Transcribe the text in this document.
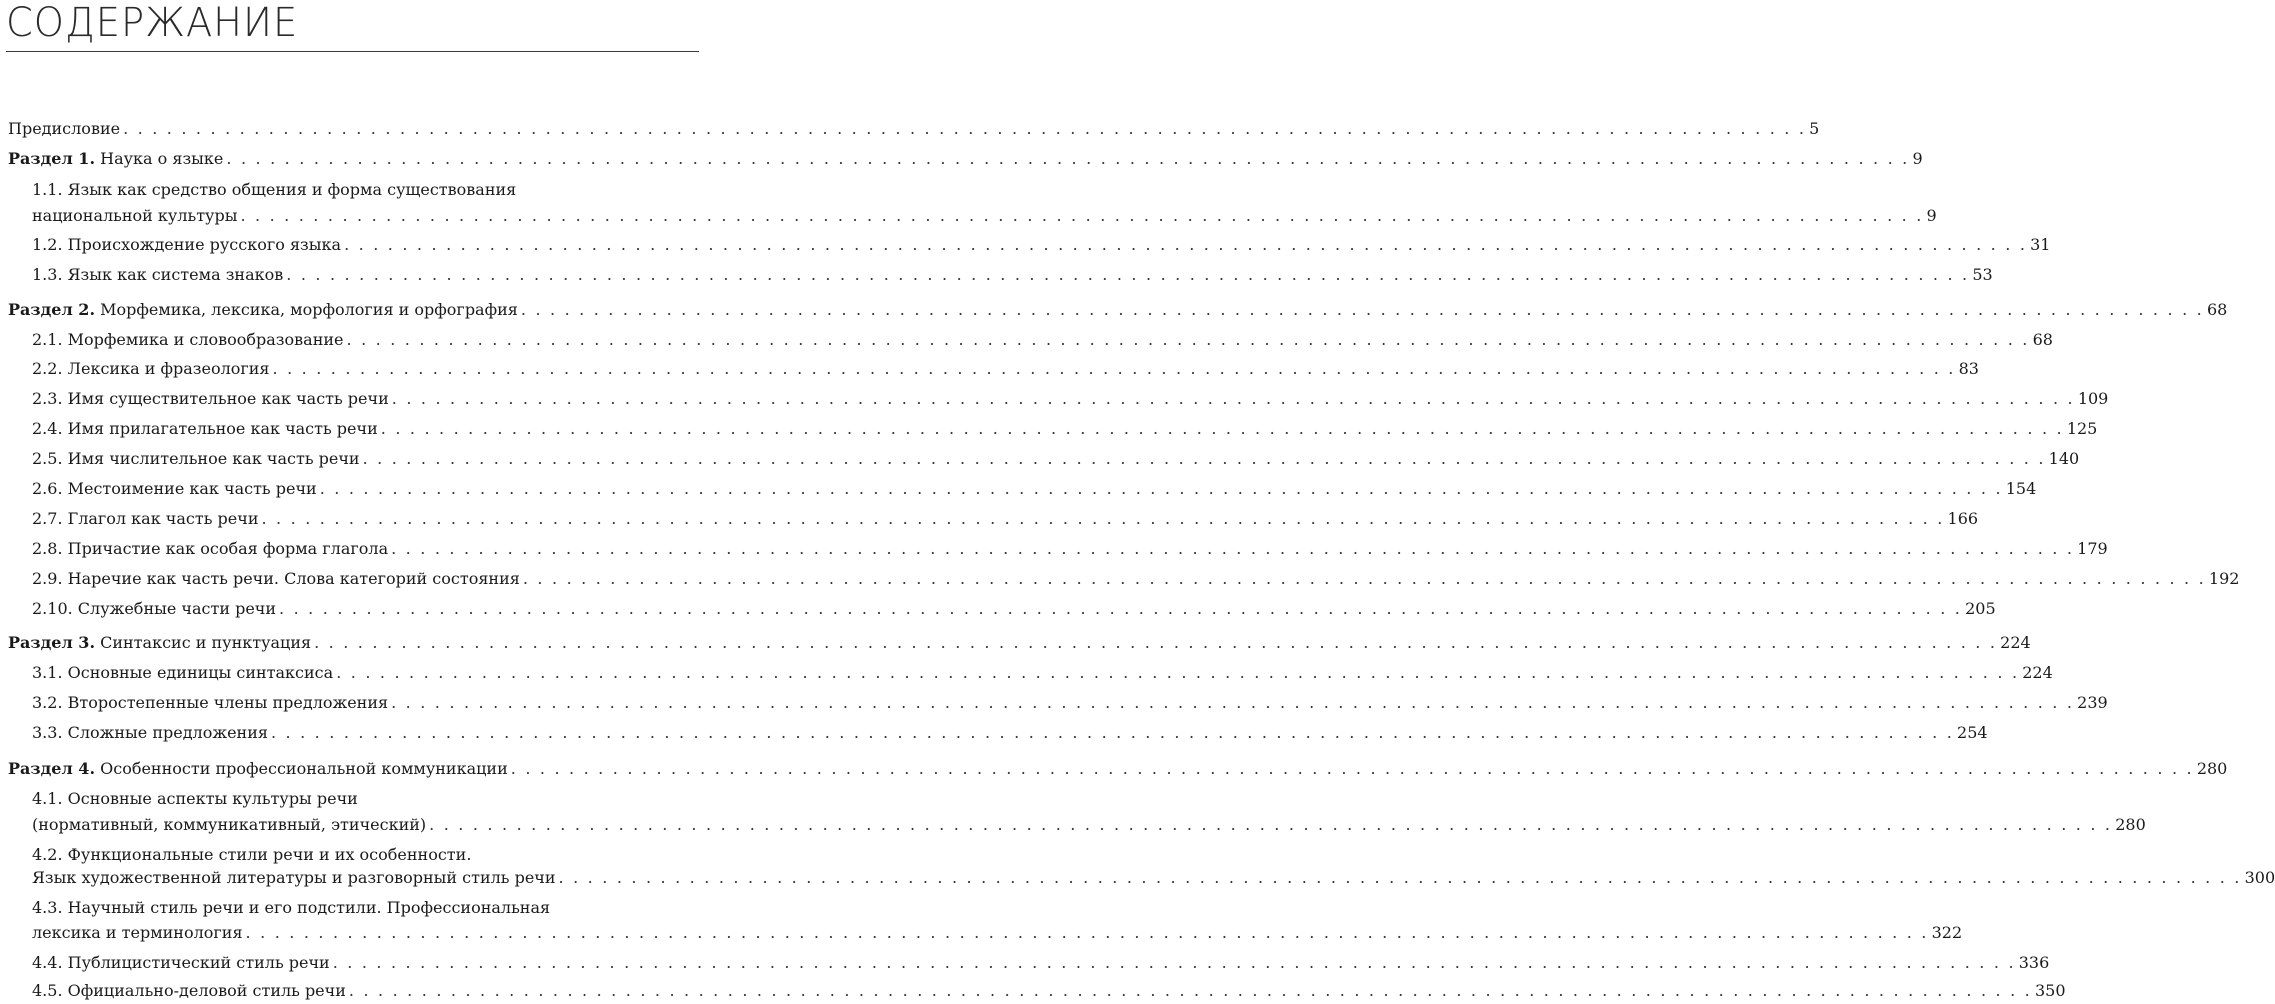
СОДЕРЖАНИЕ
Предисловие . . . . . . . . . . . . . . . . . . . . . . . . . . . . . . . . . . . . . . . . . . . . . . . . . . . . . . . . . . . . . . . . . . . . . . . . . . . . . . . . . . . . . . . . . . . . . . . . . . . . . . . . . . . . . . . . . . . . 5
Раздел 1. Наука о языке . . . . . . . . . . . . . . . . . . . . . . . . . . . . . . . . . . . . . . . . . . . . . . . . . . . . . . . . . . . . . . . . . . . . . . . . . . . . . . . . . . . . . . . . . . . . . . . . . . . . . . . . . . . . . . . . . . . . 9
1.1. Язык как средство общения и форма существования
национальной культуры . . . . . . . . . . . . . . . . . . . . . . . . . . . . . . . . . . . . . . . . . . . . . . . . . . . . . . . . . . . . . . . . . . . . . . . . . . . . . . . . . . . . . . . . . . . . . . . . . . . . . . . . . . . . . . . . . . . . 9
1.2. Происхождение русского языка . . . . . . . . . . . . . . . . . . . . . . . . . . . . . . . . . . . . . . . . . . . . . . . . . . . . . . . . . . . . . . . . . . . . . . . . . . . . . . . . . . . . . . . . . . . . . . . . . . . . . . . . . . . . . . . . . . . . 31
1.3. Язык как система знаков . . . . . . . . . . . . . . . . . . . . . . . . . . . . . . . . . . . . . . . . . . . . . . . . . . . . . . . . . . . . . . . . . . . . . . . . . . . . . . . . . . . . . . . . . . . . . . . . . . . . . . . . . . . . . . . . . . . . 53
Раздел 2. Морфемика, лексика, морфология и орфография . . . . . . . . . . . . . . . . . . . . . . . . . . . . . . . . . . . . . . . . . . . . . . . . . . . . . . . . . . . . . . . . . . . . . . . . . . . . . . . . . . . . . . . . . . . . . . . . . . . . . . . . . . . . . . . . . . . . 68
2.1. Морфемика и словообразование . . . . . . . . . . . . . . . . . . . . . . . . . . . . . . . . . . . . . . . . . . . . . . . . . . . . . . . . . . . . . . . . . . . . . . . . . . . . . . . . . . . . . . . . . . . . . . . . . . . . . . . . . . . . . . . . . . . . 68
2.2. Лексика и фразеология . . . . . . . . . . . . . . . . . . . . . . . . . . . . . . . . . . . . . . . . . . . . . . . . . . . . . . . . . . . . . . . . . . . . . . . . . . . . . . . . . . . . . . . . . . . . . . . . . . . . . . . . . . . . . . . . . . . . 83
2.3. Имя существительное как часть речи . . . . . . . . . . . . . . . . . . . . . . . . . . . . . . . . . . . . . . . . . . . . . . . . . . . . . . . . . . . . . . . . . . . . . . . . . . . . . . . . . . . . . . . . . . . . . . . . . . . . . . . . . . . . . . . . . . . . 109
2.4. Имя прилагательное как часть речи . . . . . . . . . . . . . . . . . . . . . . . . . . . . . . . . . . . . . . . . . . . . . . . . . . . . . . . . . . . . . . . . . . . . . . . . . . . . . . . . . . . . . . . . . . . . . . . . . . . . . . . . . . . . . . . . . . . . 125
2.5. Имя числительное как часть речи . . . . . . . . . . . . . . . . . . . . . . . . . . . . . . . . . . . . . . . . . . . . . . . . . . . . . . . . . . . . . . . . . . . . . . . . . . . . . . . . . . . . . . . . . . . . . . . . . . . . . . . . . . . . . . . . . . . . 140
2.6. Местоимение как часть речи . . . . . . . . . . . . . . . . . . . . . . . . . . . . . . . . . . . . . . . . . . . . . . . . . . . . . . . . . . . . . . . . . . . . . . . . . . . . . . . . . . . . . . . . . . . . . . . . . . . . . . . . . . . . . . . . . . . . 154
2.7. Глагол как часть речи . . . . . . . . . . . . . . . . . . . . . . . . . . . . . . . . . . . . . . . . . . . . . . . . . . . . . . . . . . . . . . . . . . . . . . . . . . . . . . . . . . . . . . . . . . . . . . . . . . . . . . . . . . . . . . . . . . . . 166
2.8. Причастие как особая форма глагола . . . . . . . . . . . . . . . . . . . . . . . . . . . . . . . . . . . . . . . . . . . . . . . . . . . . . . . . . . . . . . . . . . . . . . . . . . . . . . . . . . . . . . . . . . . . . . . . . . . . . . . . . . . . . . . . . . . . 179
2.9. Наречие как часть речи. Слова категорий состояния . . . . . . . . . . . . . . . . . . . . . . . . . . . . . . . . . . . . . . . . . . . . . . . . . . . . . . . . . . . . . . . . . . . . . . . . . . . . . . . . . . . . . . . . . . . . . . . . . . . . . . . . . . . . . . . . . . . . 192
2.10. Служебные части речи . . . . . . . . . . . . . . . . . . . . . . . . . . . . . . . . . . . . . . . . . . . . . . . . . . . . . . . . . . . . . . . . . . . . . . . . . . . . . . . . . . . . . . . . . . . . . . . . . . . . . . . . . . . . . . . . . . . . 205
Раздел 3. Синтаксис и пунктуация . . . . . . . . . . . . . . . . . . . . . . . . . . . . . . . . . . . . . . . . . . . . . . . . . . . . . . . . . . . . . . . . . . . . . . . . . . . . . . . . . . . . . . . . . . . . . . . . . . . . . . . . . . . . . . . . . . . . 224
3.1. Основные единицы синтаксиса . . . . . . . . . . . . . . . . . . . . . . . . . . . . . . . . . . . . . . . . . . . . . . . . . . . . . . . . . . . . . . . . . . . . . . . . . . . . . . . . . . . . . . . . . . . . . . . . . . . . . . . . . . . . . . . . . . . . 224
3.2. Второстепенные члены предложения . . . . . . . . . . . . . . . . . . . . . . . . . . . . . . . . . . . . . . . . . . . . . . . . . . . . . . . . . . . . . . . . . . . . . . . . . . . . . . . . . . . . . . . . . . . . . . . . . . . . . . . . . . . . . . . . . . . . 239
3.3. Сложные предложения . . . . . . . . . . . . . . . . . . . . . . . . . . . . . . . . . . . . . . . . . . . . . . . . . . . . . . . . . . . . . . . . . . . . . . . . . . . . . . . . . . . . . . . . . . . . . . . . . . . . . . . . . . . . . . . . . . . . 254
Раздел 4. Особенности профессиональной коммуникации . . . . . . . . . . . . . . . . . . . . . . . . . . . . . . . . . . . . . . . . . . . . . . . . . . . . . . . . . . . . . . . . . . . . . . . . . . . . . . . . . . . . . . . . . . . . . . . . . . . . . . . . . . . . . . . . . . . . 280
4.1. Основные аспекты культуры речи
(нормативный, коммуникативный, этический) . . . . . . . . . . . . . . . . . . . . . . . . . . . . . . . . . . . . . . . . . . . . . . . . . . . . . . . . . . . . . . . . . . . . . . . . . . . . . . . . . . . . . . . . . . . . . . . . . . . . . . . . . . . . . . . . . . . . 280
4.2. Функциональные стили речи и их особенности.
Язык художественной литературы и разговорный стиль речи . . . . . . . . . . . . . . . . . . . . . . . . . . . . . . . . . . . . . . . . . . . . . . . . . . . . . . . . . . . . . . . . . . . . . . . . . . . . . . . . . . . . . . . . . . . . . . . . . . . . . . . . . . . . . . . . . . . . 300
4.3. Научный стиль речи и его подстили. Профессиональная
лексика и терминология . . . . . . . . . . . . . . . . . . . . . . . . . . . . . . . . . . . . . . . . . . . . . . . . . . . . . . . . . . . . . . . . . . . . . . . . . . . . . . . . . . . . . . . . . . . . . . . . . . . . . . . . . . . . . . . . . . . . 322
4.4. Публицистический стиль речи . . . . . . . . . . . . . . . . . . . . . . . . . . . . . . . . . . . . . . . . . . . . . . . . . . . . . . . . . . . . . . . . . . . . . . . . . . . . . . . . . . . . . . . . . . . . . . . . . . . . . . . . . . . . . . . . . . . . 336
4.5. Официально-деловой стиль речи . . . . . . . . . . . . . . . . . . . . . . . . . . . . . . . . . . . . . . . . . . . . . . . . . . . . . . . . . . . . . . . . . . . . . . . . . . . . . . . . . . . . . . . . . . . . . . . . . . . . . . . . . . . . . . . . . . . . 350
